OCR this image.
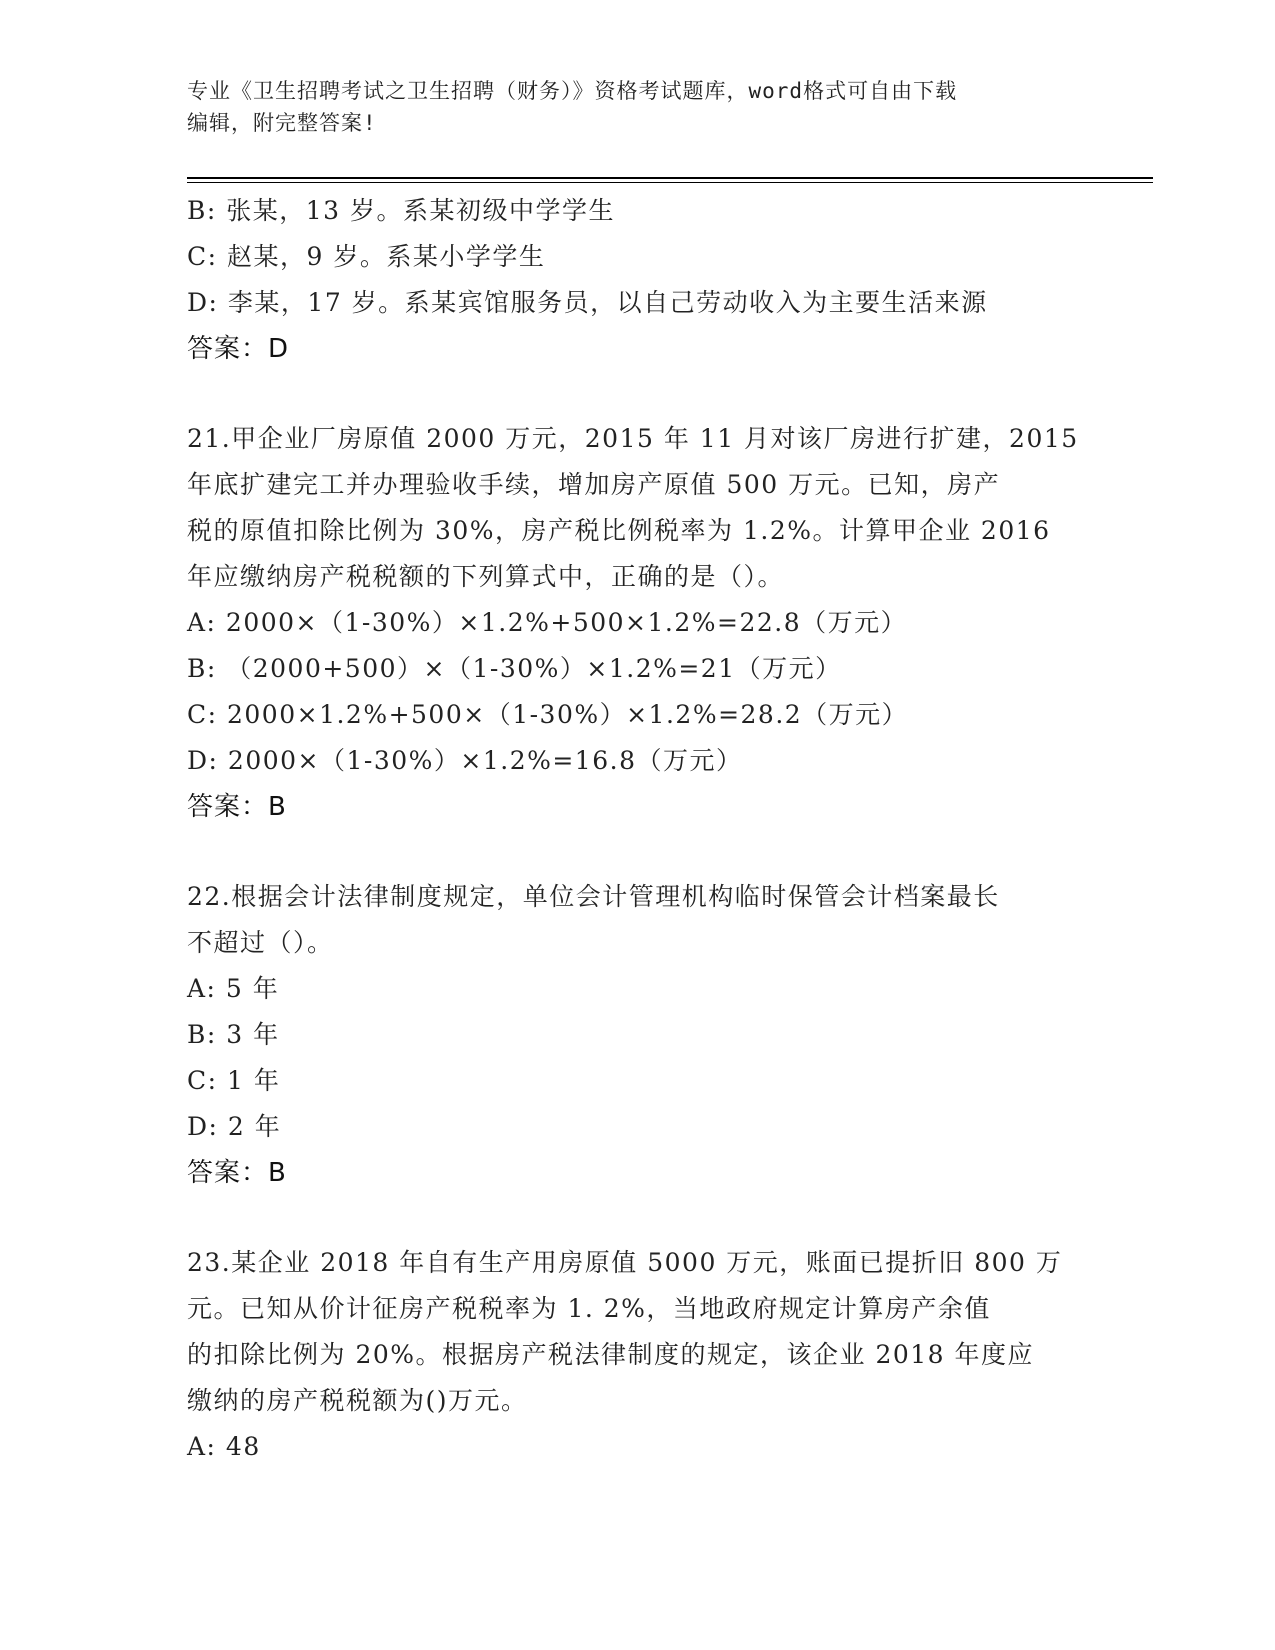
专业《卫生招聘考试之卫生招聘（财务）》资格考试题库，word格式可自由下载
编辑，附完整答案!
B: 张某，13 岁。系某初级中学学生
C: 赵某，9 岁。系某小学学生
D: 李某，17 岁。系某宾馆服务员，以自己劳动收入为主要生活来源
答案：D
21.甲企业厂房原值 2000 万元，2015 年 11 月对该厂房进行扩建，2015
年底扩建完工并办理验收手续，增加房产原值 500 万元。已知，房产
税的原值扣除比例为 30%，房产税比例税率为 1.2%。计算甲企业 2016
年应缴纳房产税税额的下列算式中，正确的是（）。
A: 2000×（1-30%）×1.2%+500×1.2%=22.8（万元）
B: （2000+500）×（1-30%）×1.2%=21（万元）
C: 2000×1.2%+500×（1-30%）×1.2%=28.2（万元）
D: 2000×（1-30%）×1.2%=16.8（万元）
答案：B
22.根据会计法律制度规定，单位会计管理机构临时保管会计档案最长
不超过（）。
A: 5 年
B: 3 年
C: 1 年
D: 2 年
答案：B
23.某企业 2018 年自有生产用房原值 5000 万元，账面已提折旧 800 万
元。已知从价计征房产税税率为 1. 2%，当地政府规定计算房产余值
的扣除比例为 20%。根据房产税法律制度的规定，该企业 2018 年度应
缴纳的房产税税额为()万元。
A: 48
